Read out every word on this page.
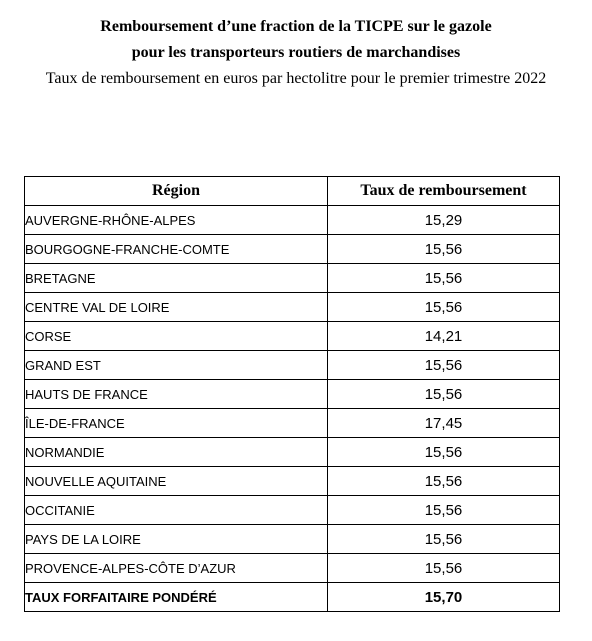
Remboursement d’une fraction de la TICPE sur le gazole
pour les transporteurs routiers de marchandises
Taux de remboursement en euros par hectolitre pour le premier trimestre 2022
Région	Taux de remboursement
AUVERGNE-RHÔNE-ALPES	15,29
BOURGOGNE-FRANCHE-COMTE	15,56
BRETAGNE	15,56
CENTRE VAL DE LOIRE	15,56
CORSE	14,21
GRAND EST	15,56
HAUTS DE FRANCE	15,56
ÎLE-DE-FRANCE	17,45
NORMANDIE	15,56
NOUVELLE AQUITAINE	15,56
OCCITANIE	15,56
PAYS DE LA LOIRE	15,56
PROVENCE-ALPES-CÔTE D’AZUR	15,56
TAUX FORFAITAIRE PONDÉRÉ	15,70
